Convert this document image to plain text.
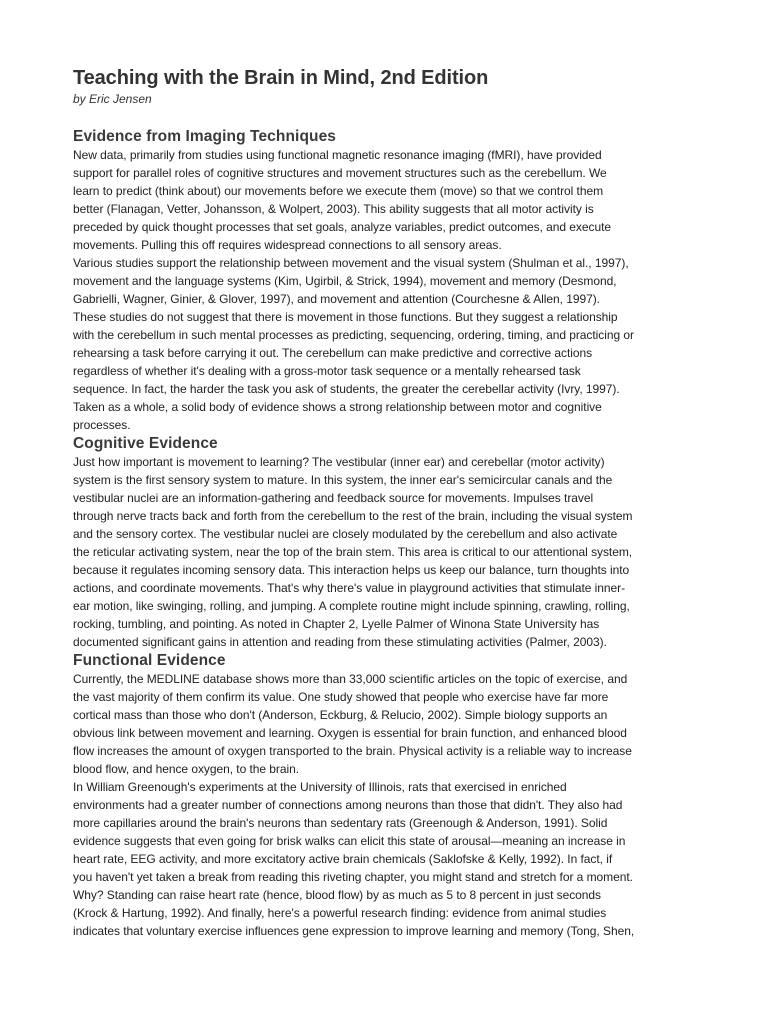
Teaching with the Brain in Mind, 2nd Edition

by Eric Jensen

Evidence from Imaging Techniques

New data, primarily from studies using functional magnetic resonance imaging (fMRI), have provided
support for parallel roles of cognitive structures and movement structures such as the cerebellum. We
learn to predict (think about) our movements before we execute them (move) so that we control them
better (Flanagan, Vetter, Johansson, & Wolpert, 2003). This ability suggests that all motor activity is
preceded by quick thought processes that set goals, analyze variables, predict outcomes, and execute
movements. Pulling this off requires widespread connections to all sensory areas.

Various studies support the relationship between movement and the visual system (Shulman et al., 1997),
movement and the language systems (Kim, Ugirbil, & Strick, 1994), movement and memory (Desmond,
Gabrielli, Wagner, Ginier, & Glover, 1997), and movement and attention (Courchesne & Allen, 1997).
These studies do not suggest that there is movement in those functions. But they suggest a relationship
with the cerebellum in such mental processes as predicting, sequencing, ordering, timing, and practicing or
rehearsing a task before carrying it out. The cerebellum can make predictive and corrective actions
regardless of whether it's dealing with a gross-motor task sequence or a mentally rehearsed task
sequence. In fact, the harder the task you ask of students, the greater the cerebellar activity (Ivry, 1997).
Taken as a whole, a solid body of evidence shows a strong relationship between motor and cognitive
processes.

Cognitive Evidence

Just how important is movement to learning? The vestibular (inner ear) and cerebellar (motor activity)
system is the first sensory system to mature. In this system, the inner ear's semicircular canals and the
vestibular nuclei are an information-gathering and feedback source for movements. Impulses travel
through nerve tracts back and forth from the cerebellum to the rest of the brain, including the visual system
and the sensory cortex. The vestibular nuclei are closely modulated by the cerebellum and also activate
the reticular activating system, near the top of the brain stem. This area is critical to our attentional system,
because it regulates incoming sensory data. This interaction helps us keep our balance, turn thoughts into
actions, and coordinate movements. That's why there's value in playground activities that stimulate inner-
ear motion, like swinging, rolling, and jumping. A complete routine might include spinning, crawling, rolling,
rocking, tumbling, and pointing. As noted in Chapter 2, Lyelle Palmer of Winona State University has
documented significant gains in attention and reading from these stimulating activities (Palmer, 2003).

Functional Evidence

Currently, the MEDLINE database shows more than 33,000 scientific articles on the topic of exercise, and
the vast majority of them confirm its value. One study showed that people who exercise have far more
cortical mass than those who don't (Anderson, Eckburg, & Relucio, 2002). Simple biology supports an
obvious link between movement and learning. Oxygen is essential for brain function, and enhanced blood
flow increases the amount of oxygen transported to the brain. Physical activity is a reliable way to increase
blood flow, and hence oxygen, to the brain.

In William Greenough's experiments at the University of Illinois, rats that exercised in enriched
environments had a greater number of connections among neurons than those that didn't. They also had
more capillaries around the brain's neurons than sedentary rats (Greenough & Anderson, 1991). Solid
evidence suggests that even going for brisk walks can elicit this state of arousal—meaning an increase in
heart rate, EEG activity, and more excitatory active brain chemicals (Saklofske & Kelly, 1992). In fact, if
you haven't yet taken a break from reading this riveting chapter, you might stand and stretch for a moment.
Why? Standing can raise heart rate (hence, blood flow) by as much as 5 to 8 percent in just seconds
(Krock & Hartung, 1992). And finally, here's a powerful research finding: evidence from animal studies
indicates that voluntary exercise influences gene expression to improve learning and memory (Tong, Shen,
